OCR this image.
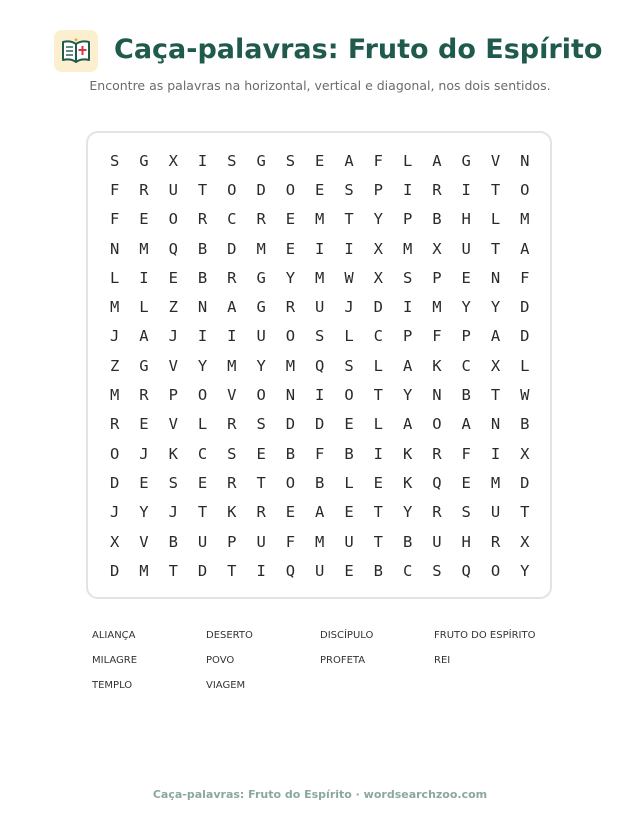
Caça-palavras: Fruto do Espírito
Encontre as palavras na horizontal, vertical e diagonal, nos dois sentidos.
S	G	X	I	S	G	S	E	A	F	L	A	G	V	N
F	R	U	T	O	D	O	E	S	P	I	R	I	T	O
F	E	O	R	C	R	E	M	T	Y	P	B	H	L	M
N	M	Q	B	D	M	E	I	I	X	M	X	U	T	A
L	I	E	B	R	G	Y	M	W	X	S	P	E	N	F
M	L	Z	N	A	G	R	U	J	D	I	M	Y	Y	D
J	A	J	I	I	U	O	S	L	C	P	F	P	A	D
Z	G	V	Y	M	Y	M	Q	S	L	A	K	C	X	L
M	R	P	O	V	O	N	I	O	T	Y	N	B	T	W
R	E	V	L	R	S	D	D	E	L	A	O	A	N	B
O	J	K	C	S	E	B	F	B	I	K	R	F	I	X
D	E	S	E	R	T	O	B	L	E	K	Q	E	M	D
J	Y	J	T	K	R	E	A	E	T	Y	R	S	U	T
X	V	B	U	P	U	F	M	U	T	B	U	H	R	X
D	M	T	D	T	I	Q	U	E	B	C	S	Q	O	Y
ALIANÇA	DESERTO	DISCÍPULO	FRUTO DO ESPÍRITO
MILAGRE	POVO	PROFETA	REI
TEMPLO	VIAGEM
Caça-palavras: Fruto do Espírito · wordsearchzoo.com
